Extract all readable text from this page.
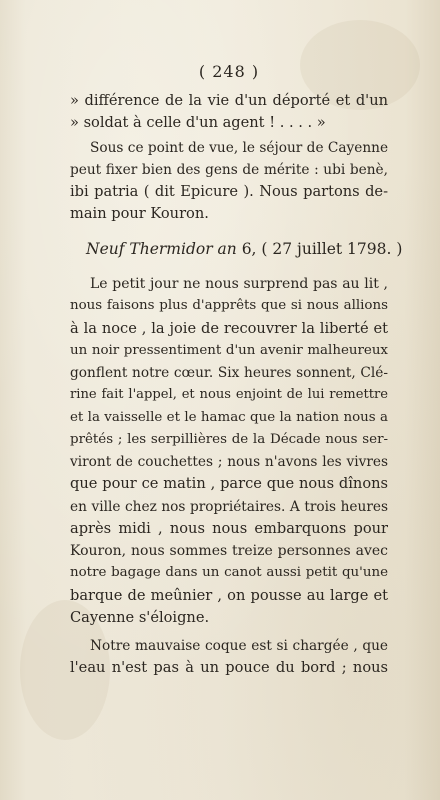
( 248 )
» différence de la vie d'un déporté et d'un
» soldat à celle d'un agent ! . . . . »
Sous ce point de vue, le séjour de Cayenne
peut fixer bien des gens de mérite : ubi benè,
ibi patria ( dit Epicure ). Nous partons de-
main pour Kouron.
Neuf Thermidor an 6, ( 27 juillet 1798. )
Le petit jour ne nous surprend pas au lit ,
nous faisons plus d'apprêts que si nous allions
à la noce , la joie de recouvrer la liberté et
un noir pressentiment d'un avenir malheureux
gonflent notre cœur. Six heures sonnent, Clé-
rine fait l'appel, et nous enjoint de lui remettre
et la vaisselle et le hamac que la nation nous a
prêtés ; les serpillières de la Décade nous ser-
viront de couchettes ; nous n'avons les vivres
que pour ce matin , parce que nous dînons
en ville chez nos propriétaires. A trois heures
après midi , nous nous embarquons pour
Kouron, nous sommes treize personnes avec
notre bagage dans un canot aussi petit qu'une
barque de meûnier , on pousse au large et
Cayenne s'éloigne.
Notre mauvaise coque est si chargée , que
l'eau n'est pas à un pouce du bord ; nous
